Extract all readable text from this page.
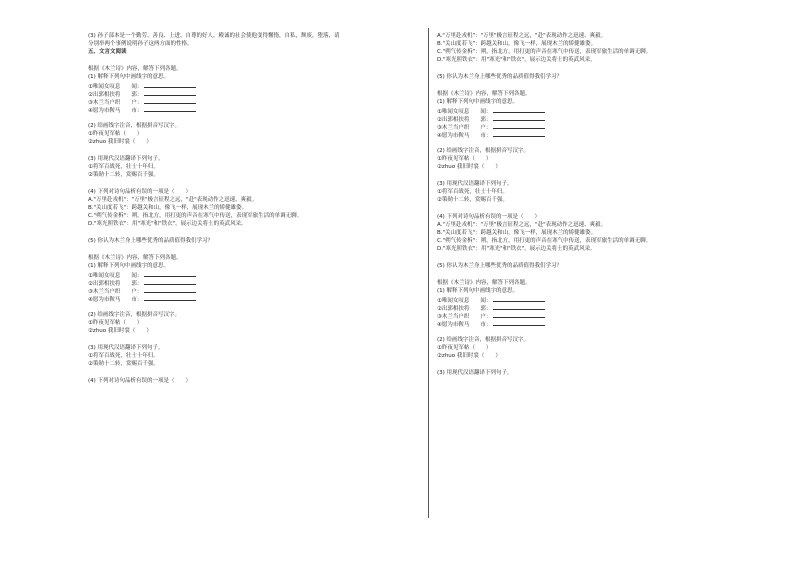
(3) 孙子部本是一个勤劳、善良、上进、自尊的好人，殿诚的社会使他变得懈惰，自私，颓废，堕落，请
分别举两个事例说明孙子这两方面的性格。
五、文言文阅读
根据《木兰诗》内容，解答下列各题。
(1) 解释下列句中画线字的意思。
①唯闻女叹息　　闻：
②出郭相扶将　　郭：
③木兰当户织　　户：
④愿为市鞍马　　市：
(2) 给画线字注音，根据拼音写汉字。
①昨夜见军帖（　　）
②zhuo 我旧时裳（　　）
(3) 用现代汉语翻译下列句子。
①将军百战死，壮士十年归。
②策勋十二转，赏赐百千强。
(4) 下列对诗句品析有误的一项是（　　）
A."万里赴戎机"："万里"极言征程之远，"赴"表现动作之迅速、爽毅。
B."关山度若飞"：跨越关和山，像飞一样，展现木兰的矫健雄姿。
C."朔气传金柝"：朔，指北方，用打更的声音在寒气中传送，表现军旅生活的单调无聊。
D."寒光照铁衣"：用"寒光"和"铁衣"，展示边关将士的英武风采。
(5) 你认为木兰身上哪些优秀的品质值得我们学习？
根据《木兰诗》内容，解答下列各题。
(1) 解释下列句中画线字的意思。
①唯闻女叹息　　闻：
②出郭相扶将　　郭：
③木兰当户织　　户：
④愿为市鞍马　　市：
(2) 给画线字注音，根据拼音写汉字。
①昨夜见军帖（　　）
②zhuo 我旧时裳（　　）
(3) 用现代汉语翻译下列句子。
①将军百战死，壮士十年归。
②策勋十二转，赏赐百千强。
(4) 下列对诗句品析有误的一项是（　　）
A."万里赴戎机"："万里"极言征程之远，"赴"表现动作之迅速、爽毅。
B."关山度若飞"：跨越关和山，像飞一样，展现木兰的矫健雄姿。
C."朔气传金柝"：朔，指北方，用打更的声音在寒气中传送，表现军旅生活的单调无聊。
D."寒光照铁衣"：用"寒光"和"铁衣"，展示边关将士的英武风采。
(5) 你认为木兰身上哪些优秀的品质值得我们学习？
根据《木兰诗》内容，解答下列各题。
(1) 解释下列句中画线字的意思。
①唯闻女叹息　　闻：
②出郭相扶将　　郭：
③木兰当户织　　户：
④愿为市鞍马　　市：
(2) 给画线字注音，根据拼音写汉字。
①昨夜见军帖（　　）
②zhuo 我旧时裳（　　）
(3) 用现代汉语翻译下列句子。
①将军百战死，壮士十年归。
②策勋十二转，赏赐百千强。
(4) 下列对诗句品析有误的一项是（　　）
A."万里赴戎机"："万里"极言征程之远，"赴"表现动作之迅速、爽毅。
B."关山度若飞"：跨越关和山，像飞一样，展现木兰的矫健雄姿。
C."朔气传金柝"：朔，指北方，用打更的声音在寒气中传送，表现军旅生活的单调无聊。
D."寒光照铁衣"：用"寒光"和"铁衣"，展示边关将士的英武风采。
(5) 你认为木兰身上哪些优秀的品质值得我们学习？
根据《木兰诗》内容，解答下列各题。
(1) 解释下列句中画线字的意思。
①唯闻女叹息　　闻：
②出郭相扶将　　郭：
③木兰当户织　　户：
④愿为市鞍马　　市：
(2) 给画线字注音，根据拼音写汉字。
①昨夜见军帖（　　）
②zhuo 我旧时裳（　　）
(3) 用现代汉语翻译下列句子。
